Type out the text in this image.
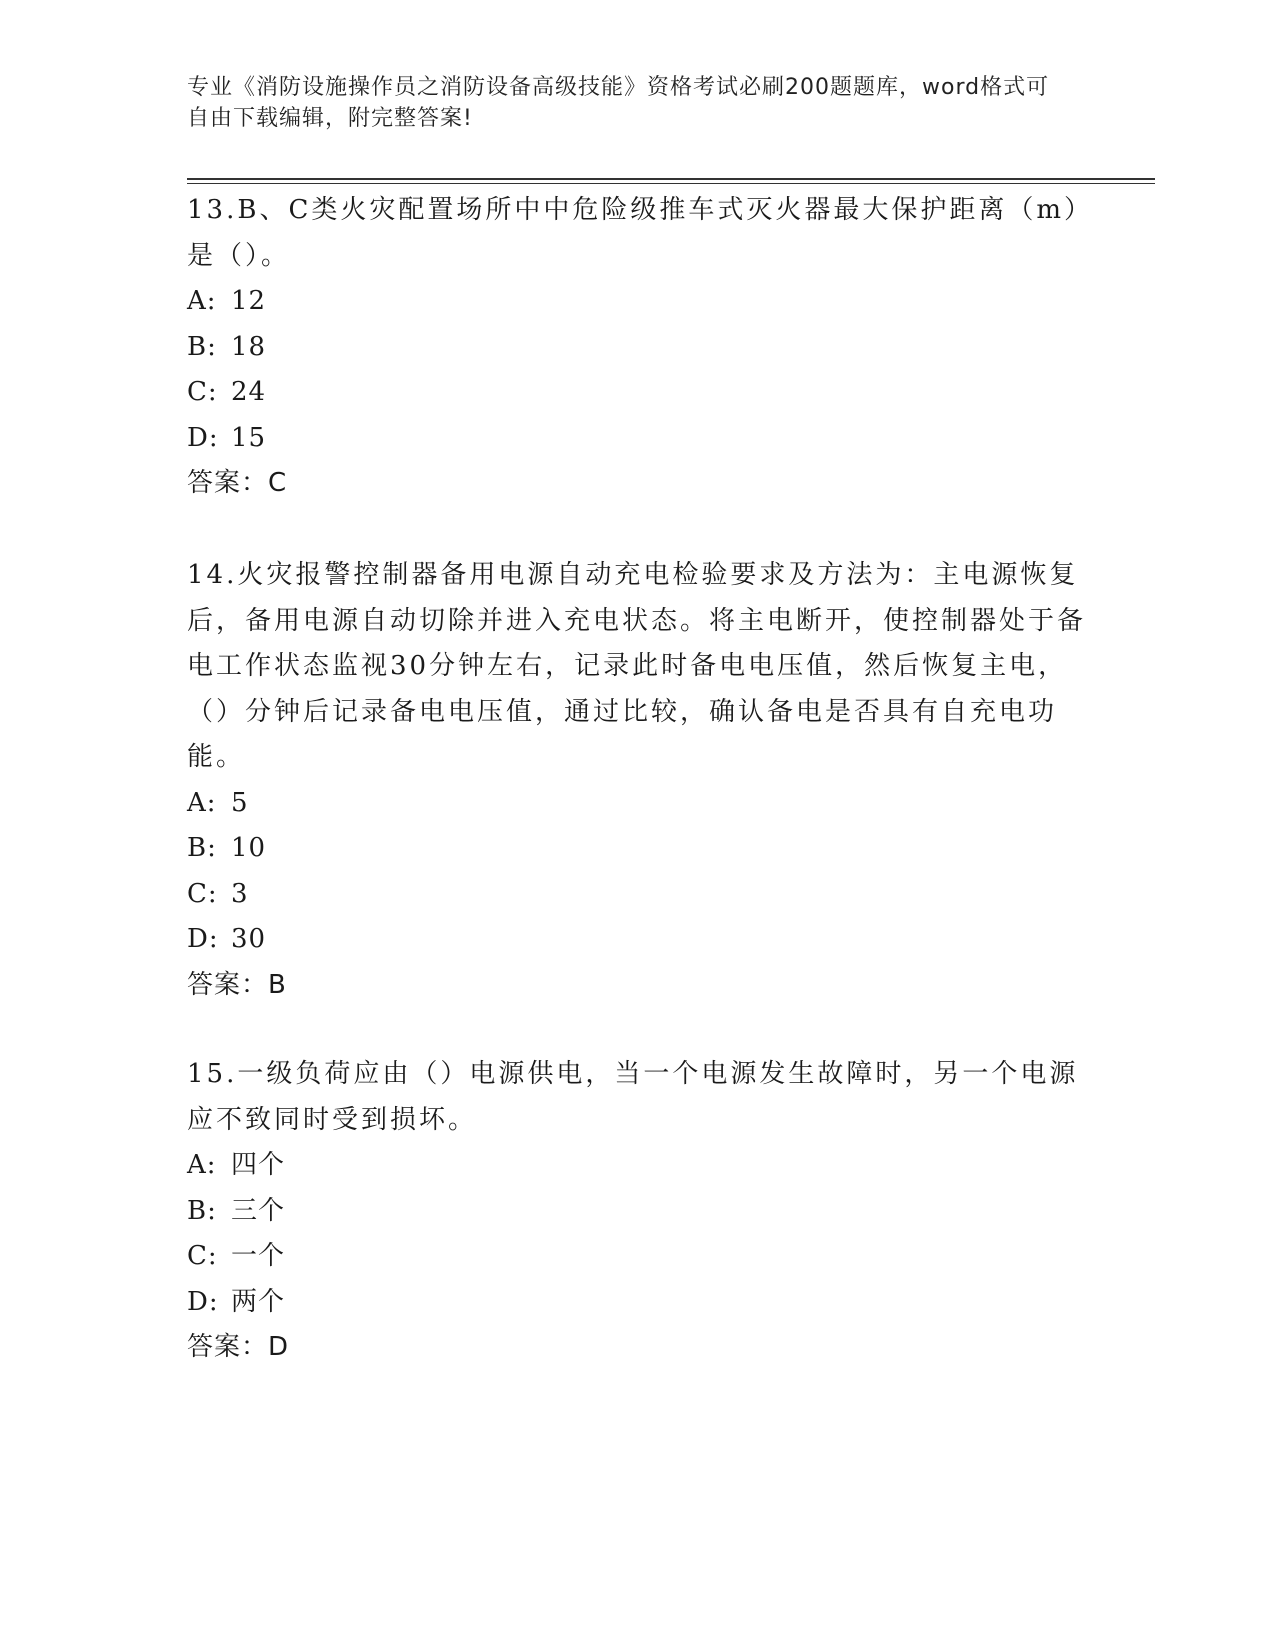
专业《消防设施操作员之消防设备高级技能》资格考试必刷200题题库，word格式可自由下载编辑，附完整答案!

13.B、C类火灾配置场所中中危险级推车式灭火器最大保护距离（m）是（）。

A: 12

B: 18

C: 24

D: 15

答案：C

14.火灾报警控制器备用电源自动充电检验要求及方法为：主电源恢复后，备用电源自动切除并进入充电状态。将主电断开，使控制器处于备电工作状态监视30分钟左右，记录此时备电电压值，然后恢复主电，（）分钟后记录备电电压值，通过比较，确认备电是否具有自充电功能。

A: 5

B: 10

C: 3

D: 30

答案：B

15.一级负荷应由（）电源供电，当一个电源发生故障时，另一个电源应不致同时受到损坏。

A: 四个

B: 三个

C: 一个

D: 两个

答案：D
